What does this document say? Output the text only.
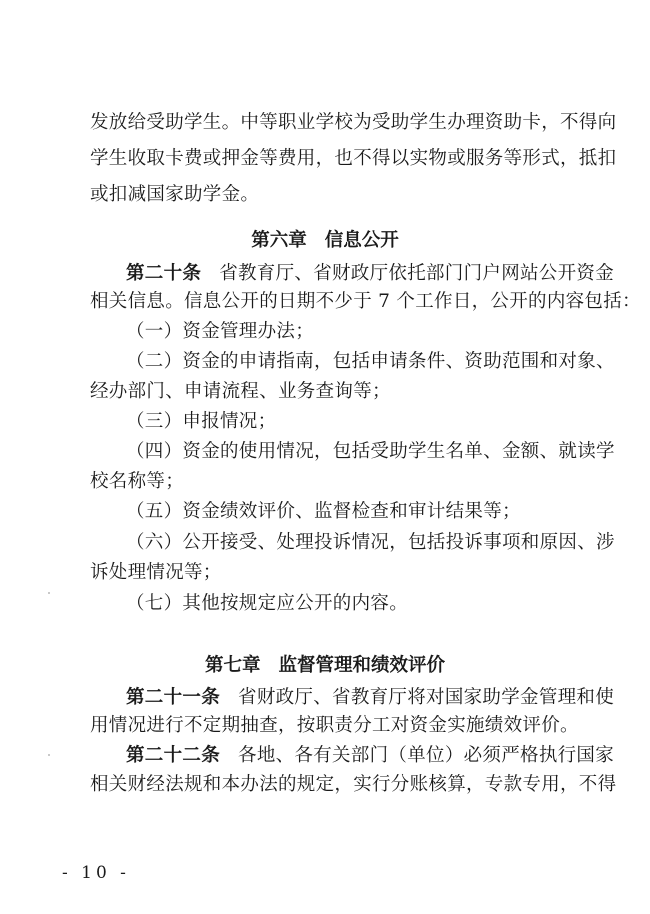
发放给受助学生。中等职业学校为受助学生办理资助卡，不得向
学生收取卡费或押金等费用，也不得以实物或服务等形式，抵扣
或扣减国家助学金。
第六章 信息公开
第二十条 省教育厅、省财政厅依托部门门户网站公开资金
相关信息。信息公开的日期不少于 7 个工作日，公开的内容包括：
（一）资金管理办法；
（二）资金的申请指南，包括申请条件、资助范围和对象、
经办部门、申请流程、业务查询等；
（三）申报情况；
（四）资金的使用情况，包括受助学生名单、金额、就读学
校名称等；
（五）资金绩效评价、监督检查和审计结果等；
（六）公开接受、处理投诉情况，包括投诉事项和原因、涉
诉处理情况等；
（七）其他按规定应公开的内容。
第七章 监督管理和绩效评价
第二十一条 省财政厅、省教育厅将对国家助学金管理和使
用情况进行不定期抽查，按职责分工对资金实施绩效评价。
第二十二条 各地、各有关部门（单位）必须严格执行国家
相关财经法规和本办法的规定，实行分账核算，专款专用，不得
- 10 -
